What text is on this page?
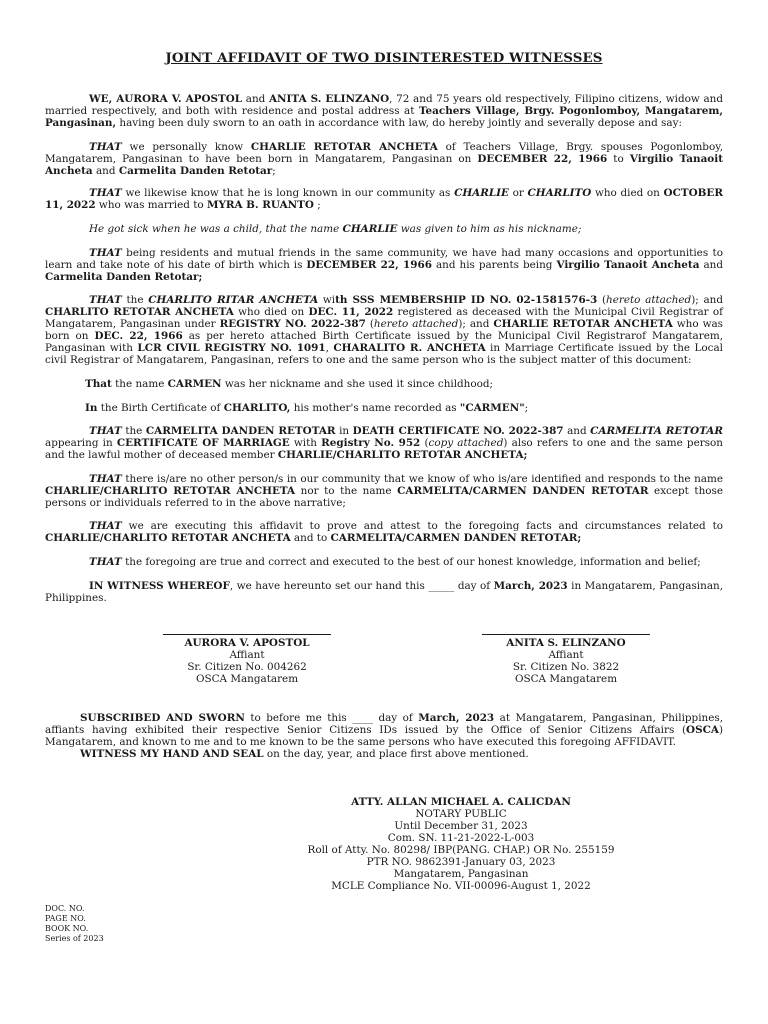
JOINT AFFIDAVIT OF TWO DISINTERESTED WITNESSES

WE, AURORA V. APOSTOL and ANITA S. ELINZANO, 72 and 75 years old respectively, Filipino citizens, widow and married respectively, and both with residence and postal address at Teachers Village, Brgy. Pogonlomboy, Mangatarem, Pangasinan, having been duly sworn to an oath in accordance with law, do hereby jointly and severally depose and say:

THAT we personally know CHARLIE RETOTAR ANCHETA of Teachers Village, Brgy. spouses Pogonlomboy, Mangatarem, Pangasinan to have been born in Mangatarem, Pangasinan on DECEMBER 22, 1966 to Virgilio Tanaoit Ancheta and Carmelita Danden Retotar;

THAT we likewise know that he is long known in our community as CHARLIE or CHARLITO who died on OCTOBER 11, 2022 who was married to MYRA B. RUANTO ;

He got sick when he was a child, that the name CHARLIE was given to him as his nickname;

THAT being residents and mutual friends in the same community, we have had many occasions and opportunities to learn and take note of his date of birth which is DECEMBER 22, 1966 and his parents being Virgilio Tanaoit Ancheta and Carmelita Danden Retotar;

THAT the CHARLITO RITAR ANCHETA with SSS MEMBERSHIP ID NO. 02-1581576-3 (hereto attached); and CHARLITO RETOTAR ANCHETA who died on DEC. 11, 2022 registered as deceased with the Municipal Civil Registrar of Mangatarem, Pangasinan under REGISTRY NO. 2022-387 (hereto attached); and CHARLIE RETOTAR ANCHETA who was born on DEC. 22, 1966 as per hereto attached Birth Certificate issued by the Municipal Civil Registrarof Mangatarem, Pangasinan with LCR CIVIL REGISTRY NO. 1091, CHARALITO R. ANCHETA in Marriage Certificate issued by the Local civil Registrar of Mangatarem, Pangasinan, refers to one and the same person who is the subject matter of this document:

That the name CARMEN was her nickname and she used it since childhood;

In the Birth Certificate of CHARLITO, his mother's name recorded as "CARMEN";

THAT the CARMELITA DANDEN RETOTAR in DEATH CERTIFICATE NO. 2022-387 and CARMELITA RETOTAR appearing in CERTIFICATE OF MARRIAGE with Registry No. 952 (copy attached) also refers to one and the same person and the lawful mother of deceased member CHARLIE/CHARLITO RETOTAR ANCHETA;

THAT there is/are no other person/s in our community that we know of who is/are identified and responds to the name CHARLIE/CHARLITO RETOTAR ANCHETA nor to the name CARMELITA/CARMEN DANDEN RETOTAR except those persons or individuals referred to in the above narrative;

THAT we are executing this affidavit to prove and attest to the foregoing facts and circumstances related to CHARLIE/CHARLITO RETOTAR ANCHETA and to CARMELITA/CARMEN DANDEN RETOTAR;

THAT the foregoing are true and correct and executed to the best of our honest knowledge, information and belief;

IN WITNESS WHEREOF, we have hereunto set our hand this _____ day of March, 2023 in Mangatarem, Pangasinan, Philippines.

AURORA V. APOSTOL
Affiant
Sr. Citizen No. 004262
OSCA Mangatarem
ANITA S. ELINZANO
Affiant
Sr. Citizen No. 3822
OSCA Mangatarem

SUBSCRIBED AND SWORN to before me this ____ day of March, 2023 at Mangatarem, Pangasinan, Philippines, affiants having exhibited their respective Senior Citizens IDs issued by the Office of Senior Citizens Affairs (OSCA) Mangatarem, and known to me and to me known to be the same persons who have executed this foregoing AFFIDAVIT.
WITNESS MY HAND AND SEAL on the day, year, and place first above mentioned.

ATTY. ALLAN MICHAEL A. CALICDAN
NOTARY PUBLIC
Until December 31, 2023
Com. SN. 11-21-2022-L-003
Roll of Atty. No. 80298/ IBP(PANG. CHAP.) OR No. 255159
PTR NO. 9862391-January 03, 2023
Mangatarem, Pangasinan
MCLE Compliance No. VII-00096-August 1, 2022
DOC. NO.
PAGE NO.
BOOK NO.
Series of 2023
